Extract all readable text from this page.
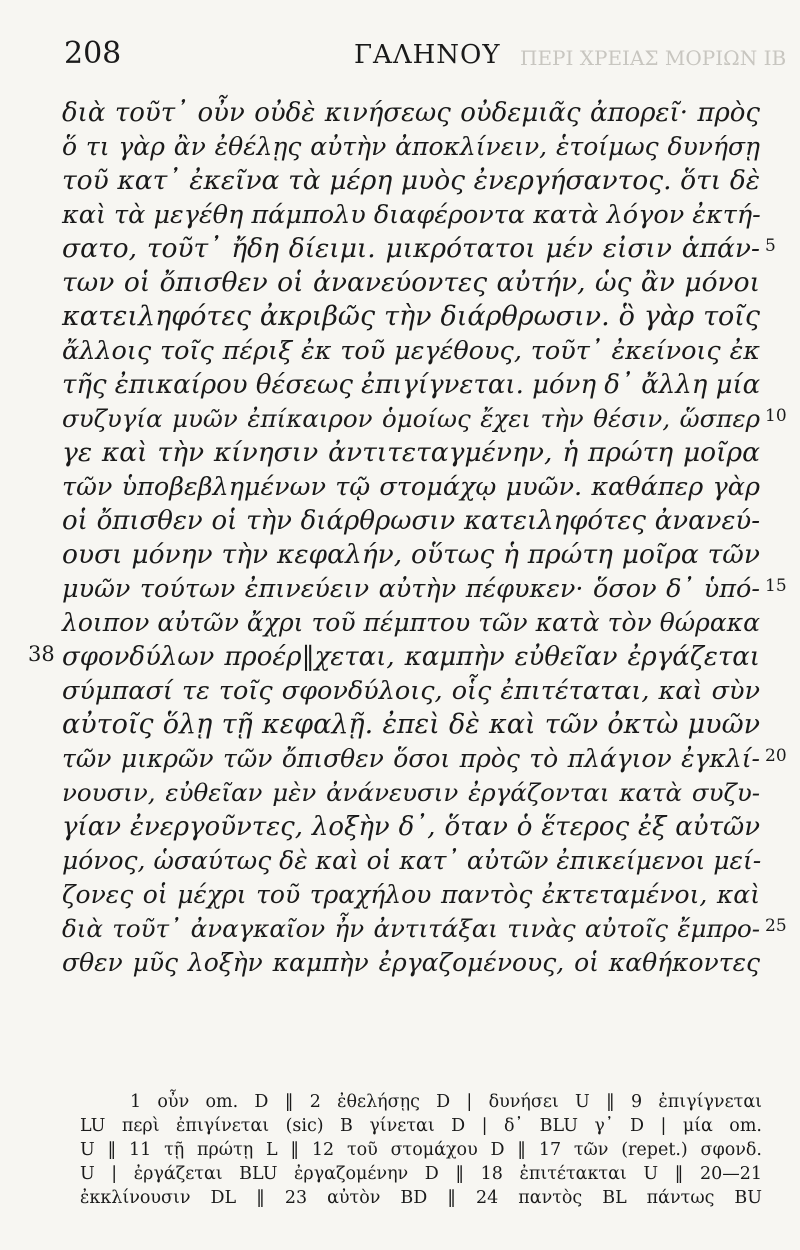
208	ΓΑΛΗΝΟΥ ΠΕΡΙ ΧΡΕΙΑΣ ΜΟΡΙΩΝ ΙΒ
διὰ τοῦτ᾽ οὖν οὐδὲ κινήσεως οὐδεμιᾶς ἀπορεῖ· πρὸς
ὅ τι γὰρ ἂν ἐθέλῃς αὐτὴν ἀποκλίνειν, ἑτοίμως δυνήσῃ
τοῦ κατ᾽ ἐκεῖνα τὰ μέρη μυὸς ἐνεργήσαντος. ὅτι δὲ
καὶ τὰ μεγέθη πάμπολυ διαφέροντα κατὰ λόγον ἐκτή-
σατο, τοῦτ᾽ ἤδη δίειμι. μικρότατοι μέν εἰσιν ἁπάν- 5
των οἱ ὄπισθεν οἱ ἀνανεύοντες αὐτήν, ὡς ἂν μόνοι
κατειληφότες ἀκριβῶς τὴν διάρθρωσιν. ὃ γὰρ τοῖς
ἄλλοις τοῖς πέριξ ἐκ τοῦ μεγέθους, τοῦτ᾽ ἐκείνοις ἐκ
τῆς ἐπικαίρου θέσεως ἐπιγίγνεται. μόνη δ᾽ ἄλλη μία
συζυγία μυῶν ἐπίκαιρον ὁμοίως ἔχει τὴν θέσιν, ὥσπερ 10
γε καὶ τὴν κίνησιν ἀντιτεταγμένην, ἡ πρώτη μοῖρα
τῶν ὑποβεβλημένων τῷ στομάχῳ μυῶν. καθάπερ γὰρ
οἱ ὄπισθεν οἱ τὴν διάρθρωσιν κατειληφότες ἀνανεύ-
ουσι μόνην τὴν κεφαλήν, οὕτως ἡ πρώτη μοῖρα τῶν
μυῶν τούτων ἐπινεύειν αὐτὴν πέφυκεν· ὅσον δ᾽ ὑπό- 15
λοιπον αὐτῶν ἄχρι τοῦ πέμπτου τῶν κατὰ τὸν θώρακα
38 σφονδύλων προέρ‖χεται, καμπὴν εὐθεῖαν ἐργάζεται
σύμπασί τε τοῖς σφονδύλοις, οἷς ἐπιτέταται, καὶ σὺν
αὐτοῖς ὅλῃ τῇ κεφαλῇ. ἐπεὶ δὲ καὶ τῶν ὀκτὼ μυῶν
τῶν μικρῶν τῶν ὄπισθεν ὅσοι πρὸς τὸ πλάγιον ἐγκλί- 20
νουσιν, εὐθεῖαν μὲν ἀνάνευσιν ἐργάζονται κατὰ συζυ-
γίαν ἐνεργοῦντες, λοξὴν δ᾽, ὅταν ὁ ἕτερος ἐξ αὐτῶν
μόνος, ὡσαύτως δὲ καὶ οἱ κατ᾽ αὐτῶν ἐπικείμενοι μεί-
ζονες οἱ μέχρι τοῦ τραχήλου παντὸς ἐκτεταμένοι, καὶ
διὰ τοῦτ᾽ ἀναγκαῖον ἦν ἀντιτάξαι τινὰς αὐτοῖς ἔμπρο- 25
σθεν μῦς λοξὴν καμπὴν ἐργαζομένους, οἱ καθήκοντες
1 οὖν om. D ‖ 2 ἐθελήσῃς D | δυνήσει U ‖ 9 ἐπιγίγνεται
LU περὶ ἐπιγίνεται (sic) B γίνεται D | δ᾽ BLU γ᾽ D | μία om.
U ‖ 11 τῇ πρώτῃ L ‖ 12 τοῦ στομάχου D ‖ 17 τῶν (repet.) σφονδ.
U | ἐργάζεται BLU ἐργαζομένην D ‖ 18 ἐπιτέτακται U ‖ 20—21
ἐκκλίνουσιν DL ‖ 23 αὐτὸν BD ‖ 24 παντὸς BL πάντως BU
